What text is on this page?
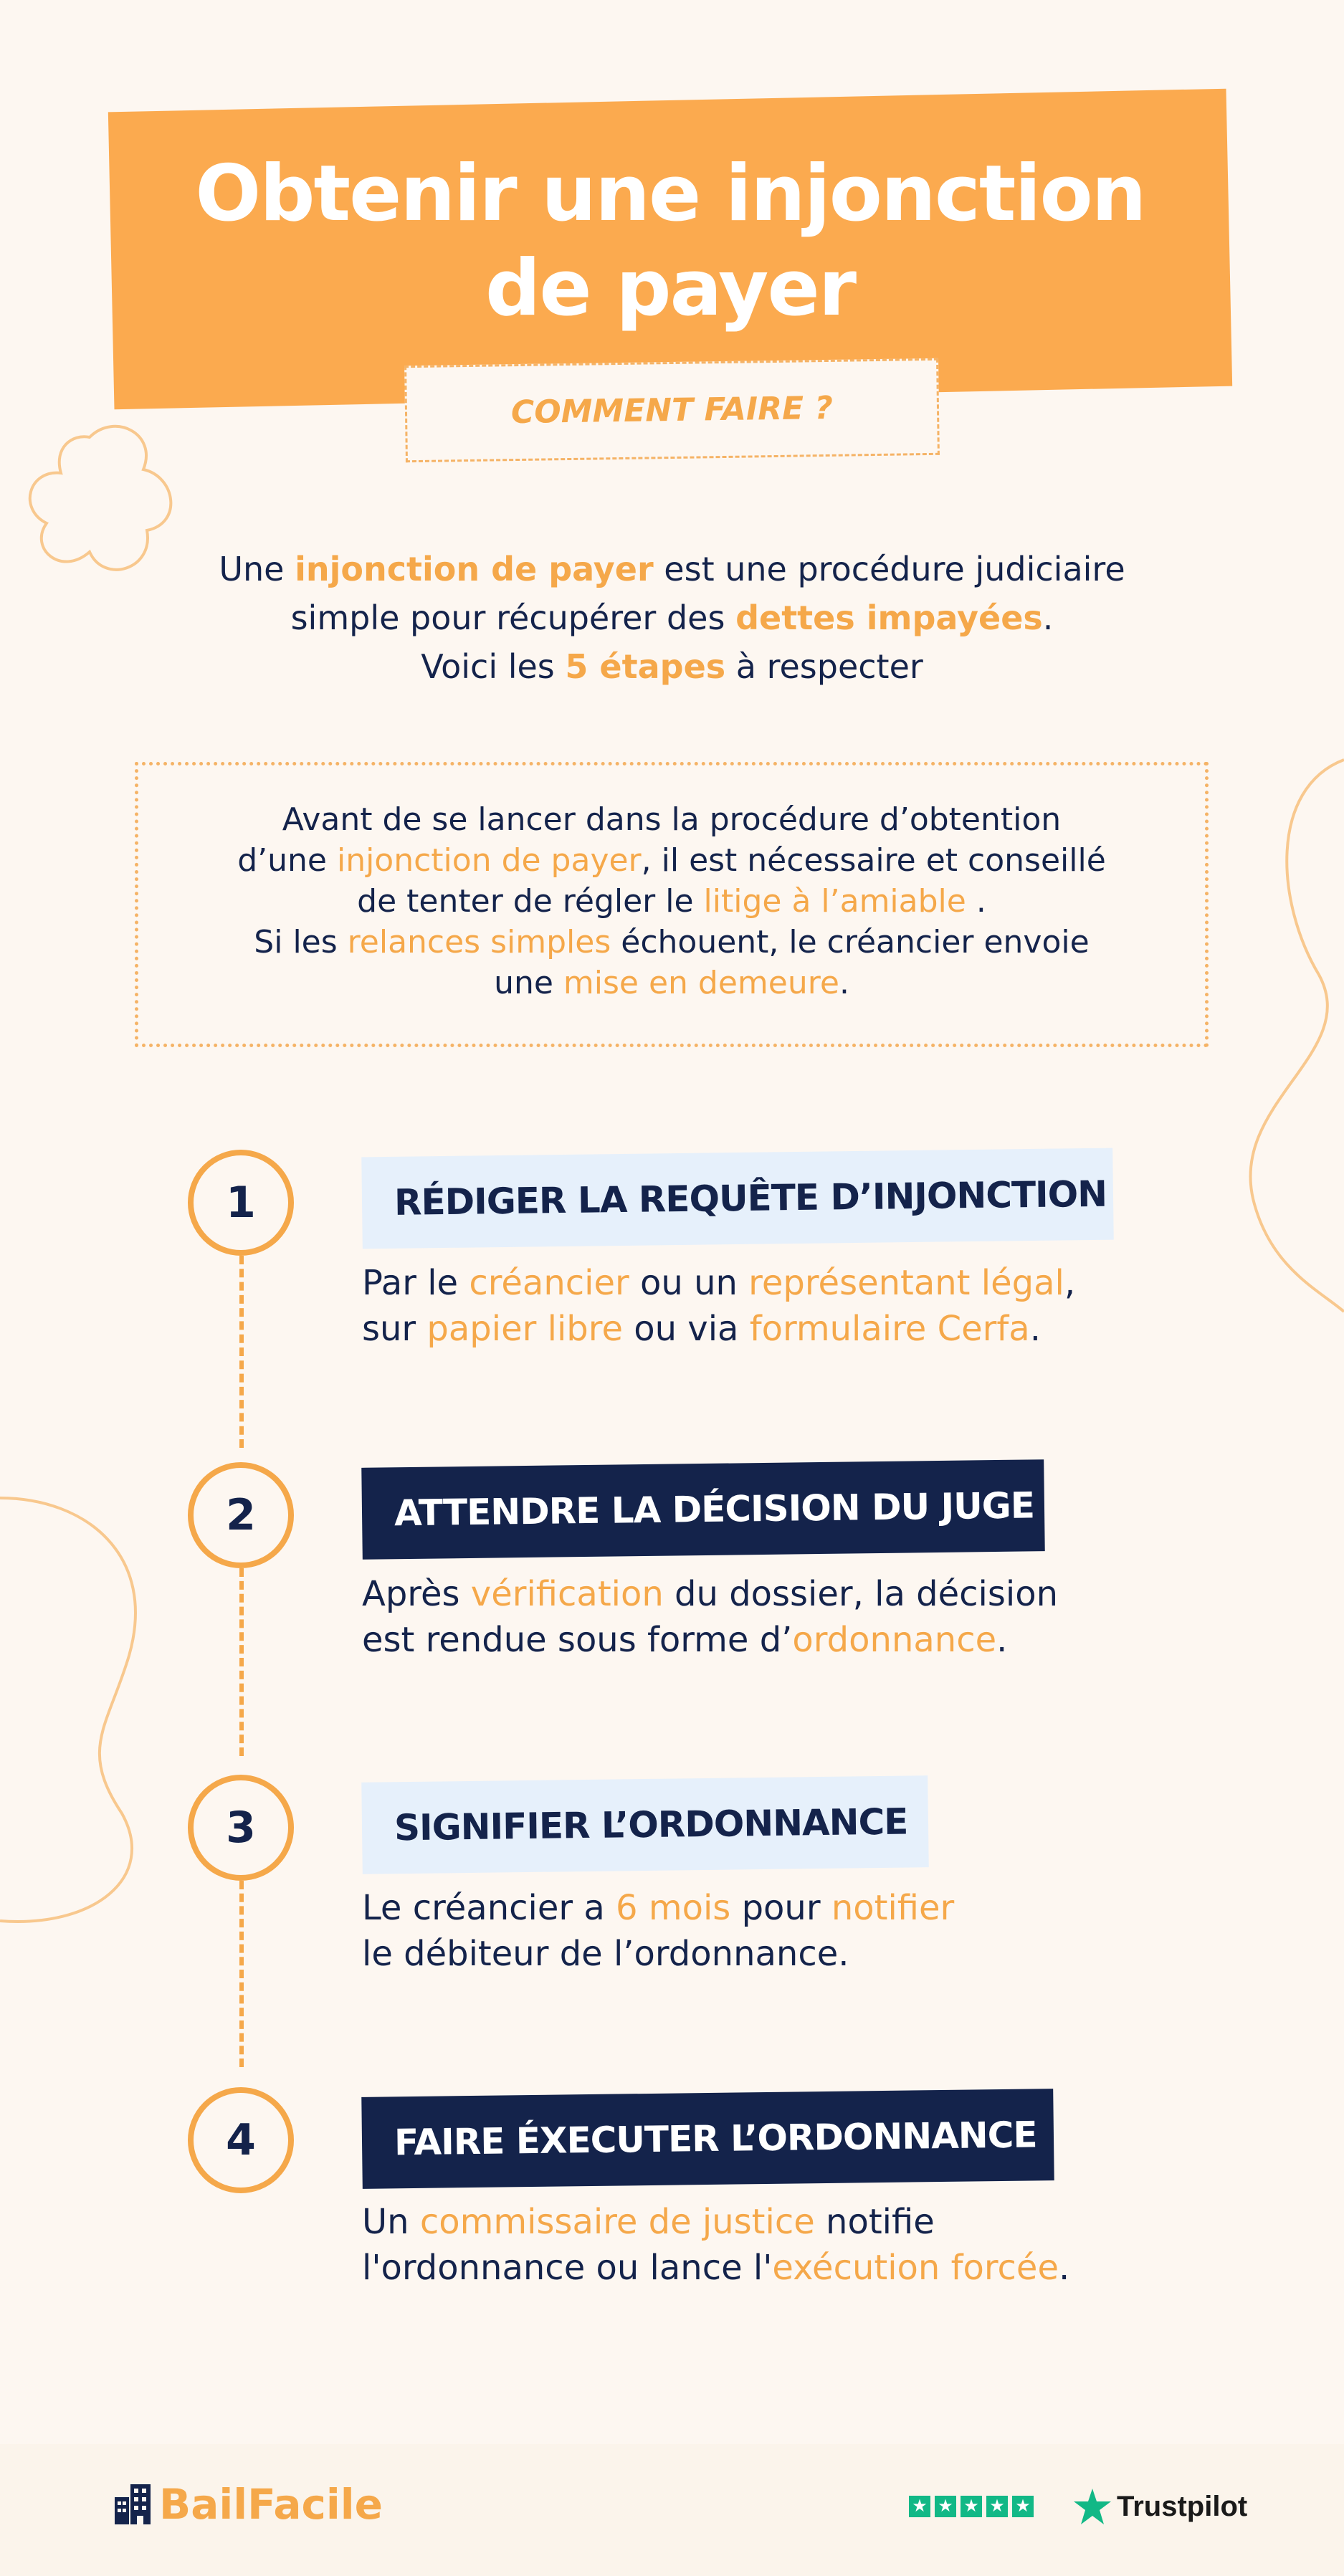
Obtenir une injonction
de payer
COMMENT FAIRE ?
Une injonction de payer est une procédure judiciaire
simple pour récupérer des dettes impayées.
Voici les 5 étapes à respecter
Avant de se lancer dans la procédure d’obtention
d’une injonction de payer, il est nécessaire et conseillé
de tenter de régler le litige à l’amiable .
Si les relances simples échouent, le créancier envoie
une mise en demeure.
1	RÉDIGER LA REQUÊTE D’INJONCTION
Par le créancier ou un représentant légal,
sur papier libre ou via formulaire Cerfa.
2	ATTENDRE LA DÉCISION DU JUGE
Après vérification du dossier, la décision
est rendue sous forme d’ordonnance.
3	SIGNIFIER L’ORDONNANCE
Le créancier a 6 mois pour notifier
le débiteur de l’ordonnance.
4	FAIRE ÉXECUTER L’ORDONNANCE
Un commissaire de justice notifie
l'ordonnance ou lance l'exécution forcée.
BailFacile	★ ★ ★ ★ ★	Trustpilot
